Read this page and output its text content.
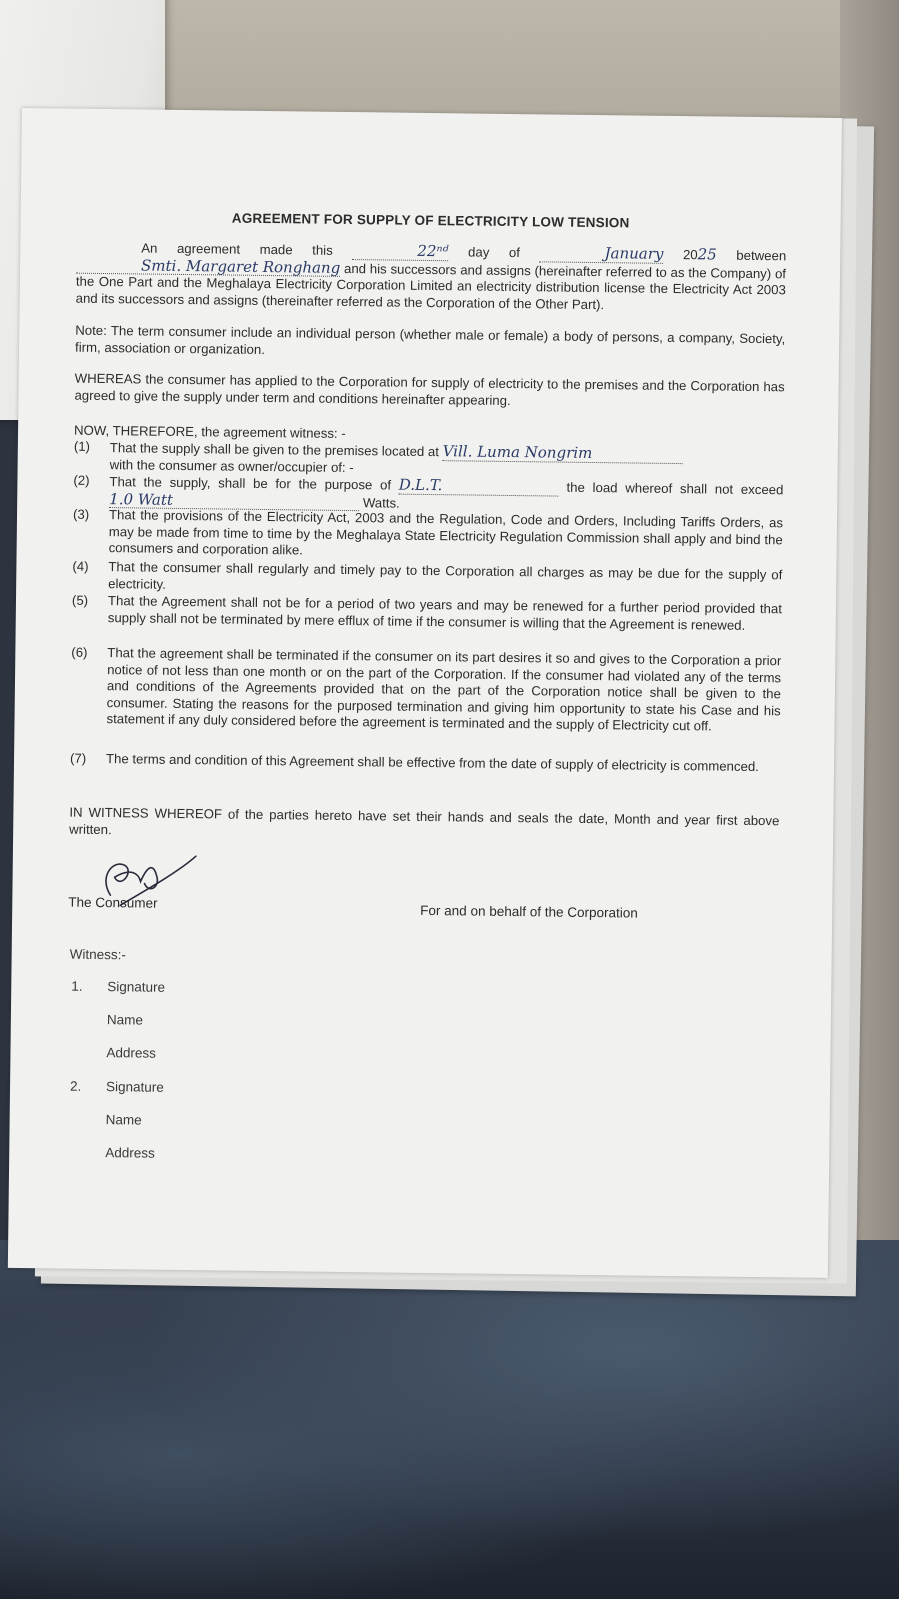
AGREEMENT FOR SUPPLY OF ELECTRICITY LOW TENSION
An agreement made this	22ⁿᵈ day of	January 2025 between Smti. Margaret Ronghang and his successors and assigns (hereinafter referred to as the Company) of the One Part and the Meghalaya Electricity Corporation Limited an electricity distribution license the Electricity Act 2003 and its successors and assigns (thereinafter referred as the Corporation of the Other Part).
Note: The term consumer include an individual person (whether male or female) a body of persons, a company, Society, firm, association or organization.
WHEREAS the consumer has applied to the Corporation for supply of electricity to the premises and the Corporation has agreed to give the supply under term and conditions hereinafter appearing.
NOW, THEREFORE, the agreement witness: -
(1)	That the supply shall be given to the premises located at Vill. Luma Nongrim
with the consumer as owner/occupier of: -
(2)	That the supply, shall be for the purpose of D.L.T.	the load whereof shall not exceed 1.0 Watt	Watts.
(3)	That the provisions of the Electricity Act, 2003 and the Regulation, Code and Orders, Including Tariffs Orders, as may be made from time to time by the Meghalaya State Electricity Regulation Commission shall apply and bind the consumers and corporation alike.
(4)	That the consumer shall regularly and timely pay to the Corporation all charges as may be due for the supply of electricity.
(5)	That the Agreement shall not be for a period of two years and may be renewed for a further period provided that supply shall not be terminated by mere efflux of time if the consumer is willing that the Agreement is renewed.
(6)	That the agreement shall be terminated if the consumer on its part desires it so and gives to the Corporation a prior notice of not less than one month or on the part of the Corporation. If the consumer had violated any of the terms and conditions of the Agreements provided that on the part of the Corporation notice shall be given to the consumer. Stating the reasons for the purposed termination and giving him opportunity to state his Case and his statement if any duly considered before the agreement is terminated and the supply of Electricity cut off.
(7)	The terms and condition of this Agreement shall be effective from the date of supply of electricity is commenced.
IN WITNESS WHEREOF of the parties hereto have set their hands and seals the date, Month and year first above written.
The Consumer
For and on behalf of the Corporation
Witness:-
1. Signature
Name
Address
2. Signature
Name
Address
